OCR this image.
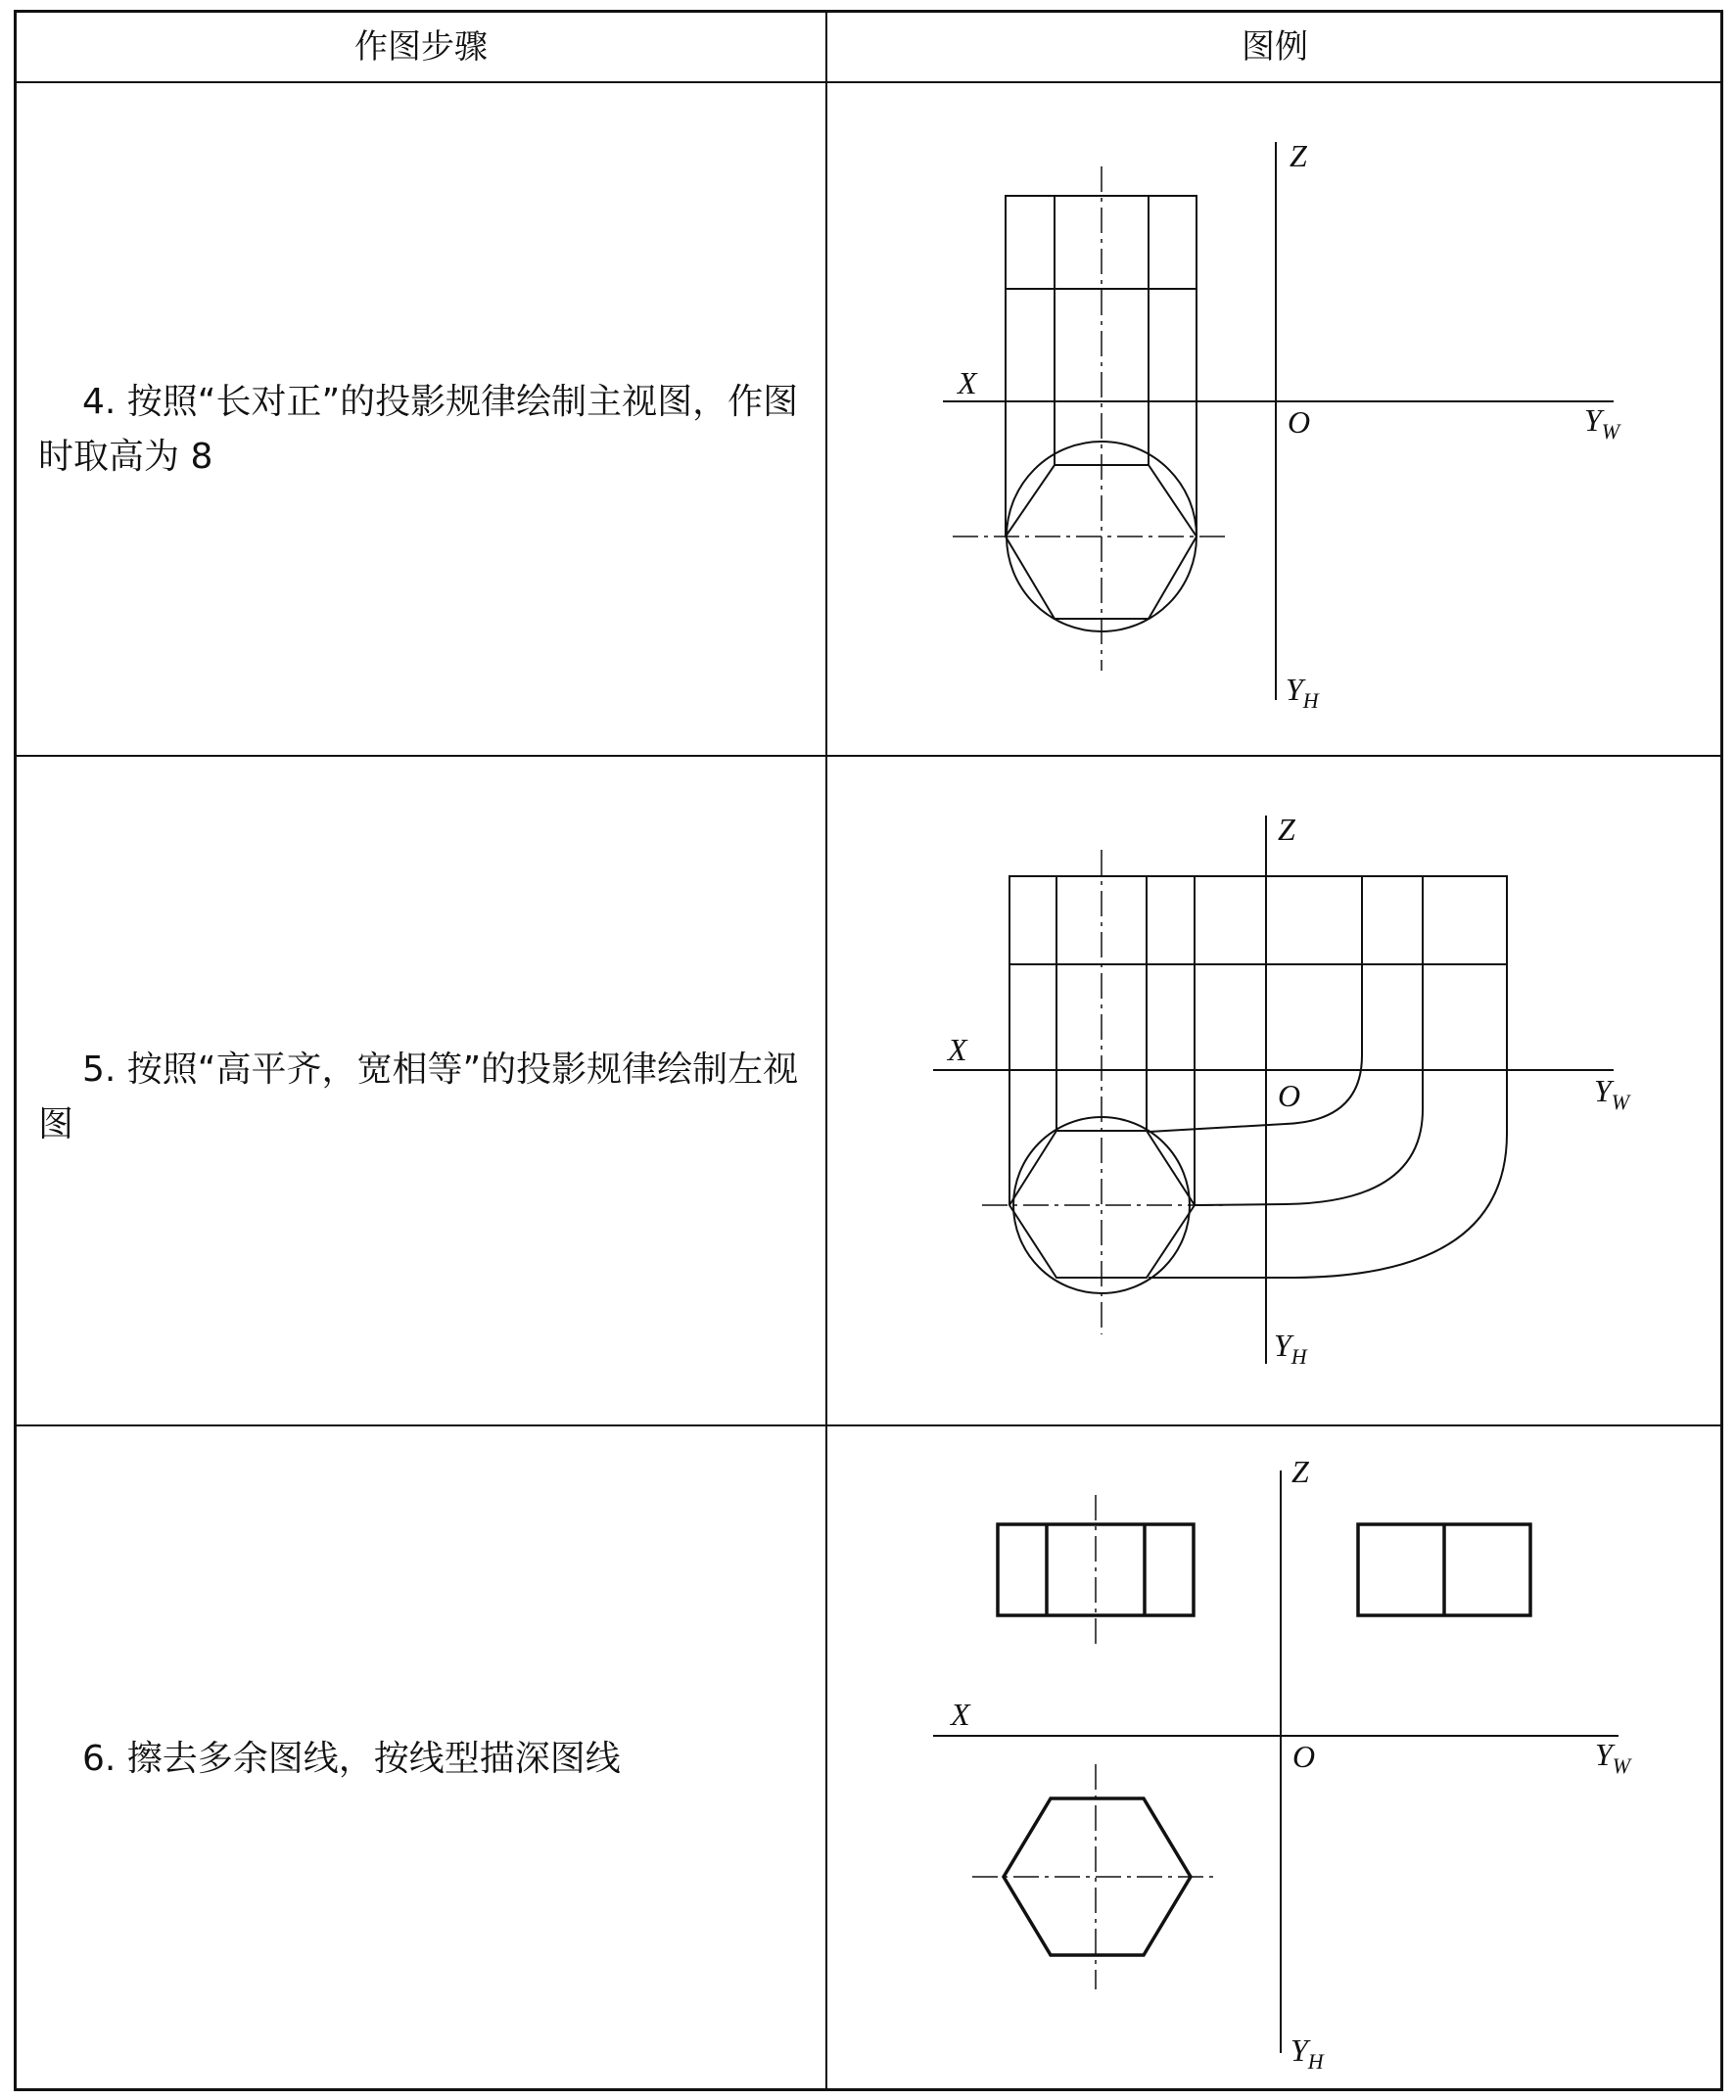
作图步骤	图例
4. 按照“长对正”的投影规律绘制主视图，作图时取高为 8
Z
X
O	$Y_W$
$Y_H$
5. 按照“高平齐，宽相等”的投影规律绘制左视图
Z
X
O	$Y_W$
$Y_H$
6. 擦去多余图线，按线型描深图线
Z
X
O	$Y_W$
$Y_H$
